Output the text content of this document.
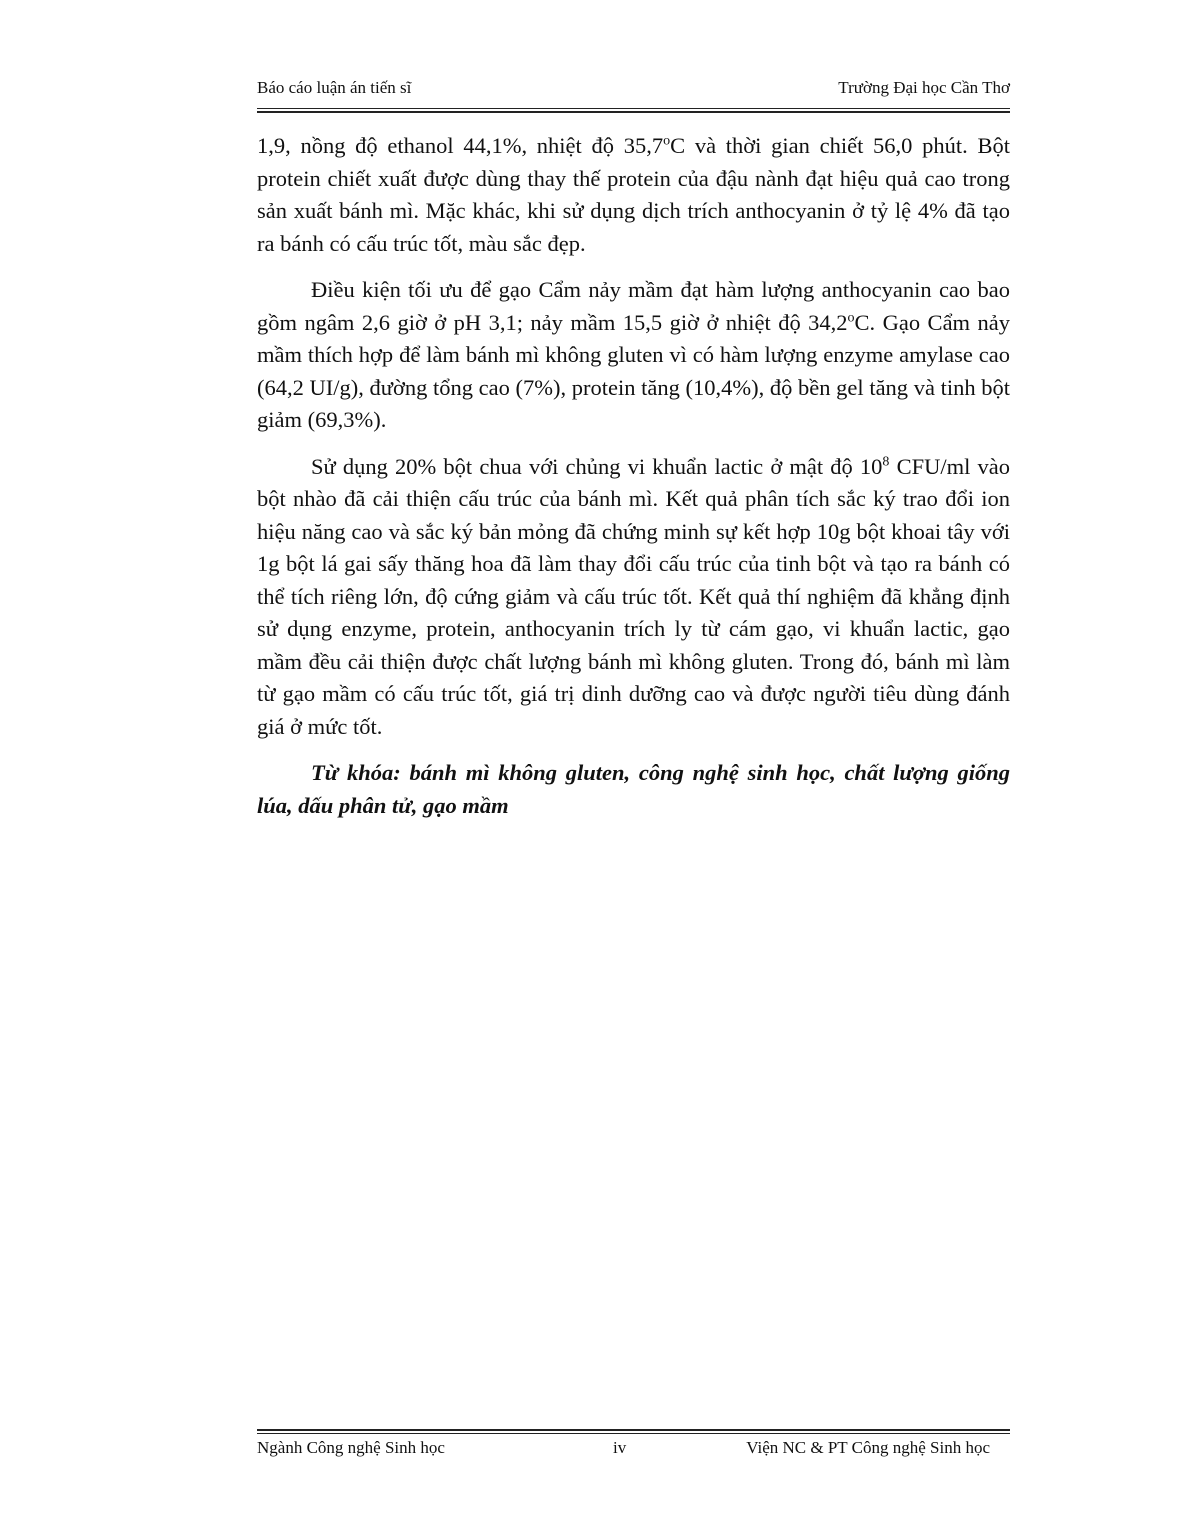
Báo cáo luận án tiến sĩ	Trường Đại học Cần Thơ

1,9, nồng độ ethanol 44,1%, nhiệt độ 35,7$^o$C và thời gian chiết 56,0 phút. Bột protein chiết xuất được dùng thay thế protein của đậu nành đạt hiệu quả cao trong sản xuất bánh mì. Mặc khác, khi sử dụng dịch trích anthocyanin ở tỷ lệ 4% đã tạo ra bánh có cấu trúc tốt, màu sắc đẹp.

Điều kiện tối ưu để gạo Cẩm nảy mầm đạt hàm lượng anthocyanin cao bao gồm ngâm 2,6 giờ ở pH 3,1; nảy mầm 15,5 giờ ở nhiệt độ 34,2$^o$C. Gạo Cẩm nảy mầm thích hợp để làm bánh mì không gluten vì có hàm lượng enzyme amylase cao (64,2 UI/g), đường tổng cao (7%), protein tăng (10,4%), độ bền gel tăng và tinh bột giảm (69,3%).

Sử dụng 20% bột chua với chủng vi khuẩn lactic ở mật độ $10^8$ CFU/ml vào bột nhào đã cải thiện cấu trúc của bánh mì. Kết quả phân tích sắc ký trao đổi ion hiệu năng cao và sắc ký bản mỏng đã chứng minh sự kết hợp 10g bột khoai tây với 1g bột lá gai sấy thăng hoa đã làm thay đổi cấu trúc của tinh bột và tạo ra bánh có thể tích riêng lớn, độ cứng giảm và cấu trúc tốt. Kết quả thí nghiệm đã khẳng định sử dụng enzyme, protein, anthocyanin trích ly từ cám gạo, vi khuẩn lactic, gạo mầm đều cải thiện được chất lượng bánh mì không gluten. Trong đó, bánh mì làm từ gạo mầm có cấu trúc tốt, giá trị dinh dưỡng cao và được người tiêu dùng đánh giá ở mức tốt.

Từ khóa: bánh mì không gluten, công nghệ sinh học, chất lượng giống lúa, dấu phân tử, gạo mầm

Ngành Công nghệ Sinh học	iv	Viện NC & PT Công nghệ Sinh học
